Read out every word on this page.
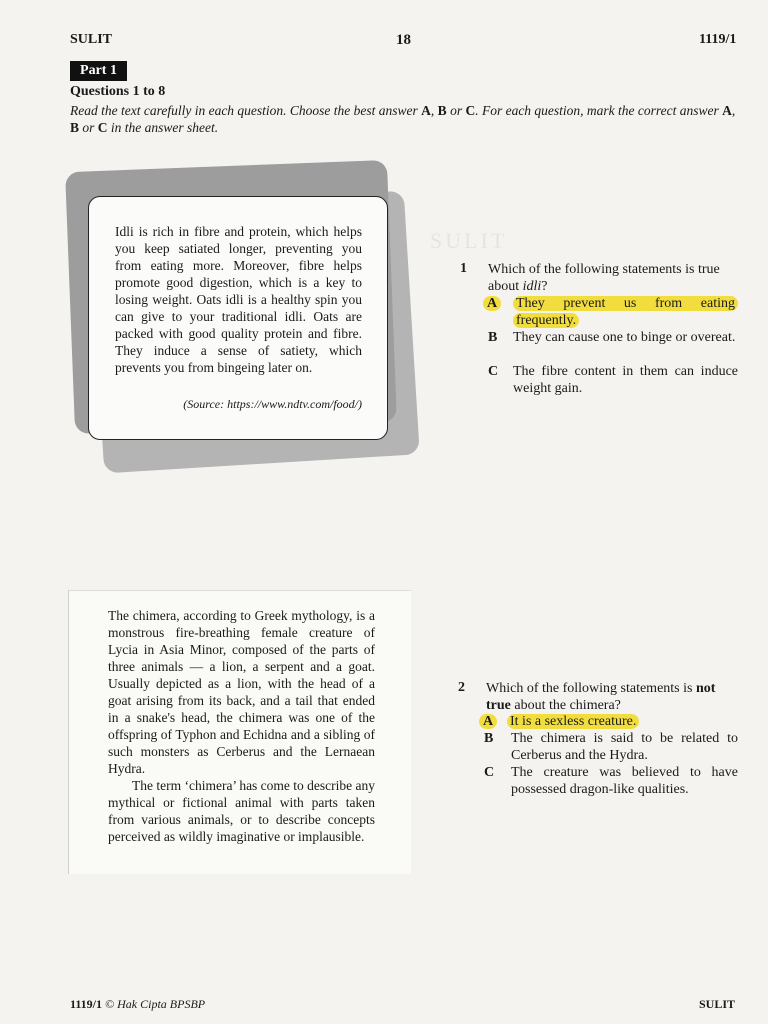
SULIT
SULIT	18	1119/1
Part 1
Questions 1 to 8
Read the text carefully in each question. Choose the best answer A, B or C. For each question, mark the correct answer A, B or C in the answer sheet.
Idli is rich in fibre and protein, which helps you keep satiated longer, preventing you from eating more. Moreover, fibre helps promote good digestion, which is a key to losing weight. Oats idli is a healthy spin you can give to your traditional idli. Oats are packed with good quality protein and fibre. They induce a sense of satiety, which prevents you from bingeing later on.
(Source: https://www.ndtv.com/food/)
1 Which of the following statements is true about idli?
A They prevent us from eating frequently.
B They can cause one to binge or overeat.
C The fibre content in them can induce weight gain.

The chimera, according to Greek mythology, is a monstrous fire-breathing female creature of Lycia in Asia Minor, composed of the parts of three animals — a lion, a serpent and a goat. Usually depicted as a lion, with the head of a goat arising from its back, and a tail that ended in a snake's head, the chimera was one of the offspring of Typhon and Echidna and a sibling of such monsters as Cerberus and the Lernaean Hydra.

The term ‘chimera’ has come to describe any mythical or fictional animal with parts taken from various animals, or to describe concepts perceived as wildly imaginative or implausible.

2 Which of the following statements is not true about the chimera?
A It is a sexless creature.
B The chimera is said to be related to Cerberus and the Hydra.
C The creature was believed to have possessed dragon-like qualities.
1119/1 © Hak Cipta BPSBP	SULIT
